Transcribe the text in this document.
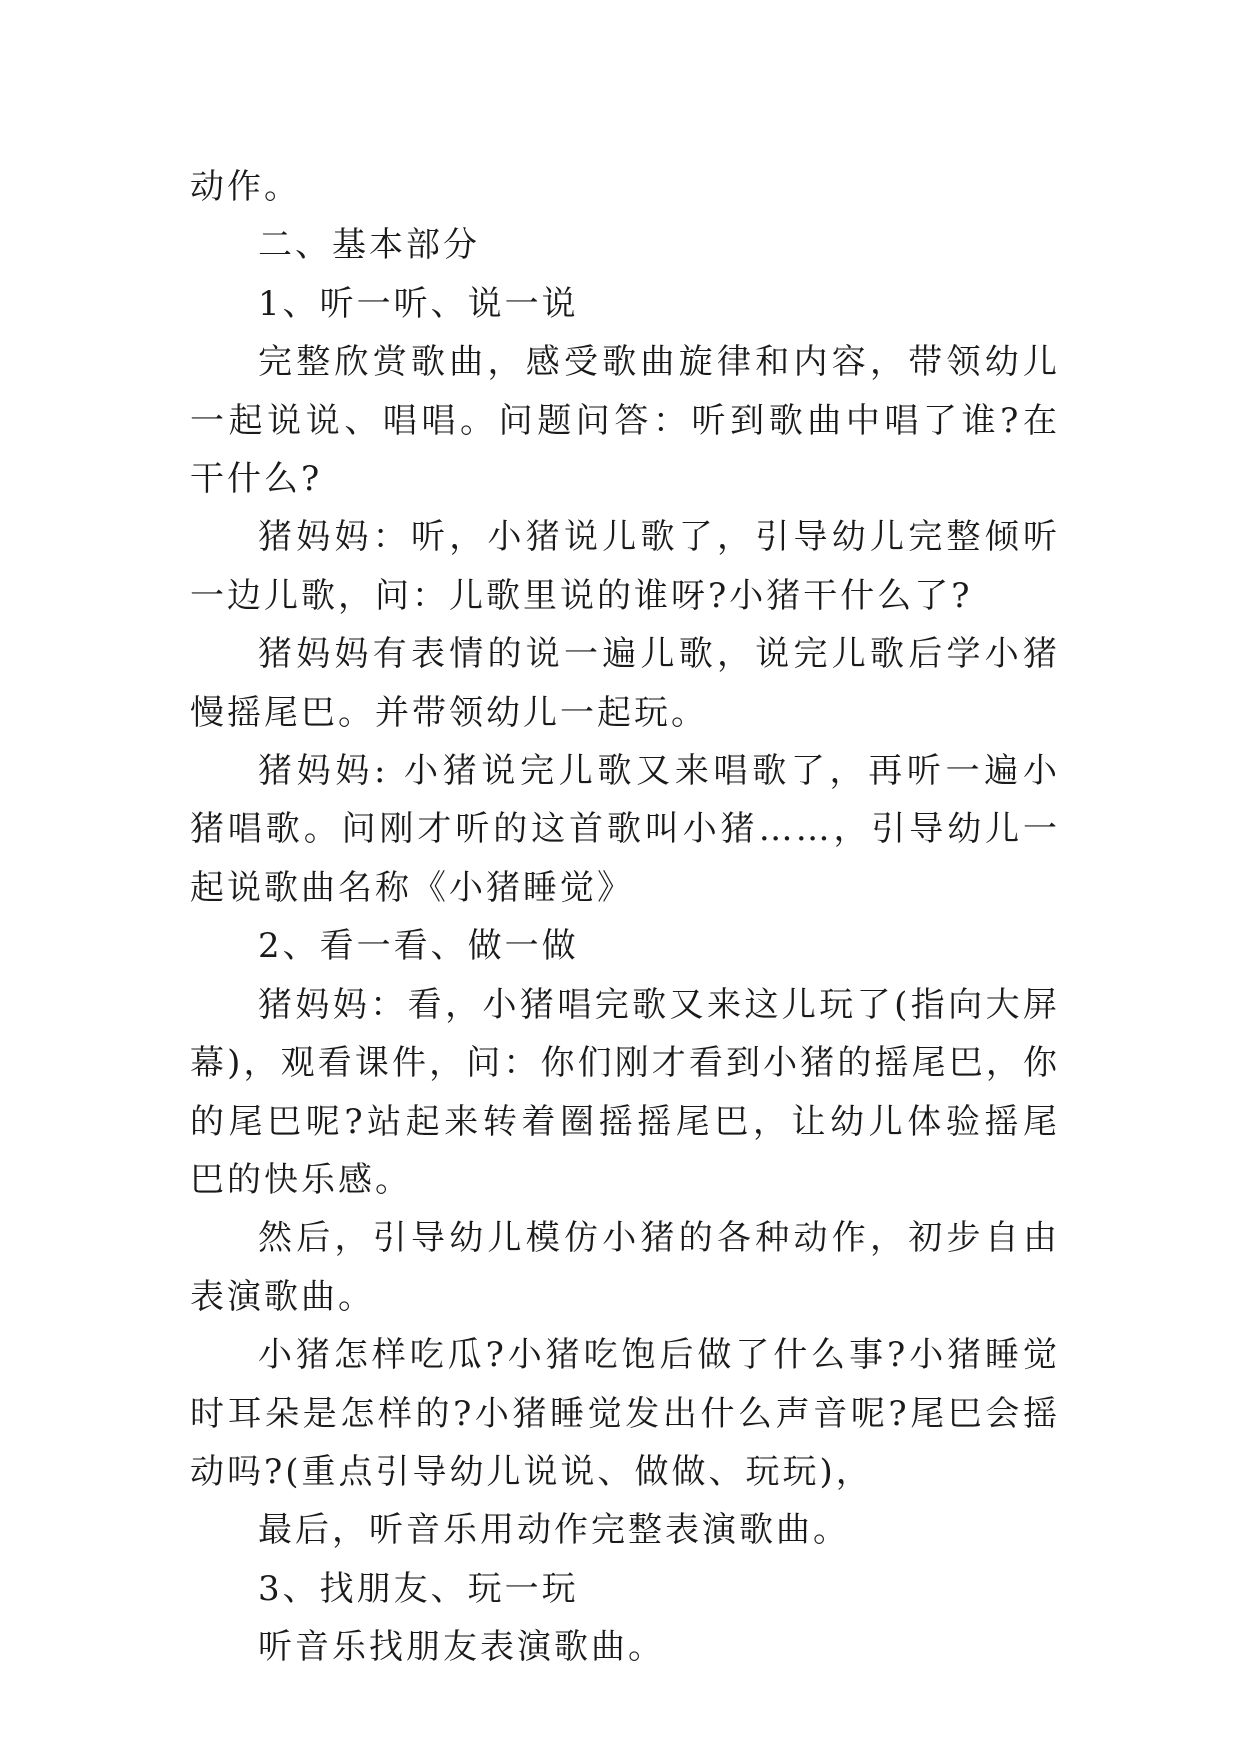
动作。

二、基本部分

1、听一听、说一说

完整欣赏歌曲，感受歌曲旋律和内容，带领幼儿一起说说、唱唱。问题问答：听到歌曲中唱了谁?在干什么?

猪妈妈：听，小猪说儿歌了，引导幼儿完整倾听一边儿歌，问：儿歌里说的谁呀?小猪干什么了?

猪妈妈有表情的说一遍儿歌，说完儿歌后学小猪慢摇尾巴。并带领幼儿一起玩。

猪妈妈: 小猪说完儿歌又来唱歌了，再听一遍小猪唱歌。问刚才听的这首歌叫小猪……，引导幼儿一起说歌曲名称《小猪睡觉》

2、看一看、做一做

猪妈妈：看，小猪唱完歌又来这儿玩了(指向大屏幕)，观看课件，问：你们刚才看到小猪的摇尾巴，你的尾巴呢?站起来转着圈摇摇尾巴，让幼儿体验摇尾巴的快乐感。

然后，引导幼儿模仿小猪的各种动作，初步自由表演歌曲。

小猪怎样吃瓜?小猪吃饱后做了什么事?小猪睡觉时耳朵是怎样的?小猪睡觉发出什么声音呢?尾巴会摇动吗?(重点引导幼儿说说、做做、玩玩)，

最后，听音乐用动作完整表演歌曲。

3、找朋友、玩一玩

听音乐找朋友表演歌曲。
